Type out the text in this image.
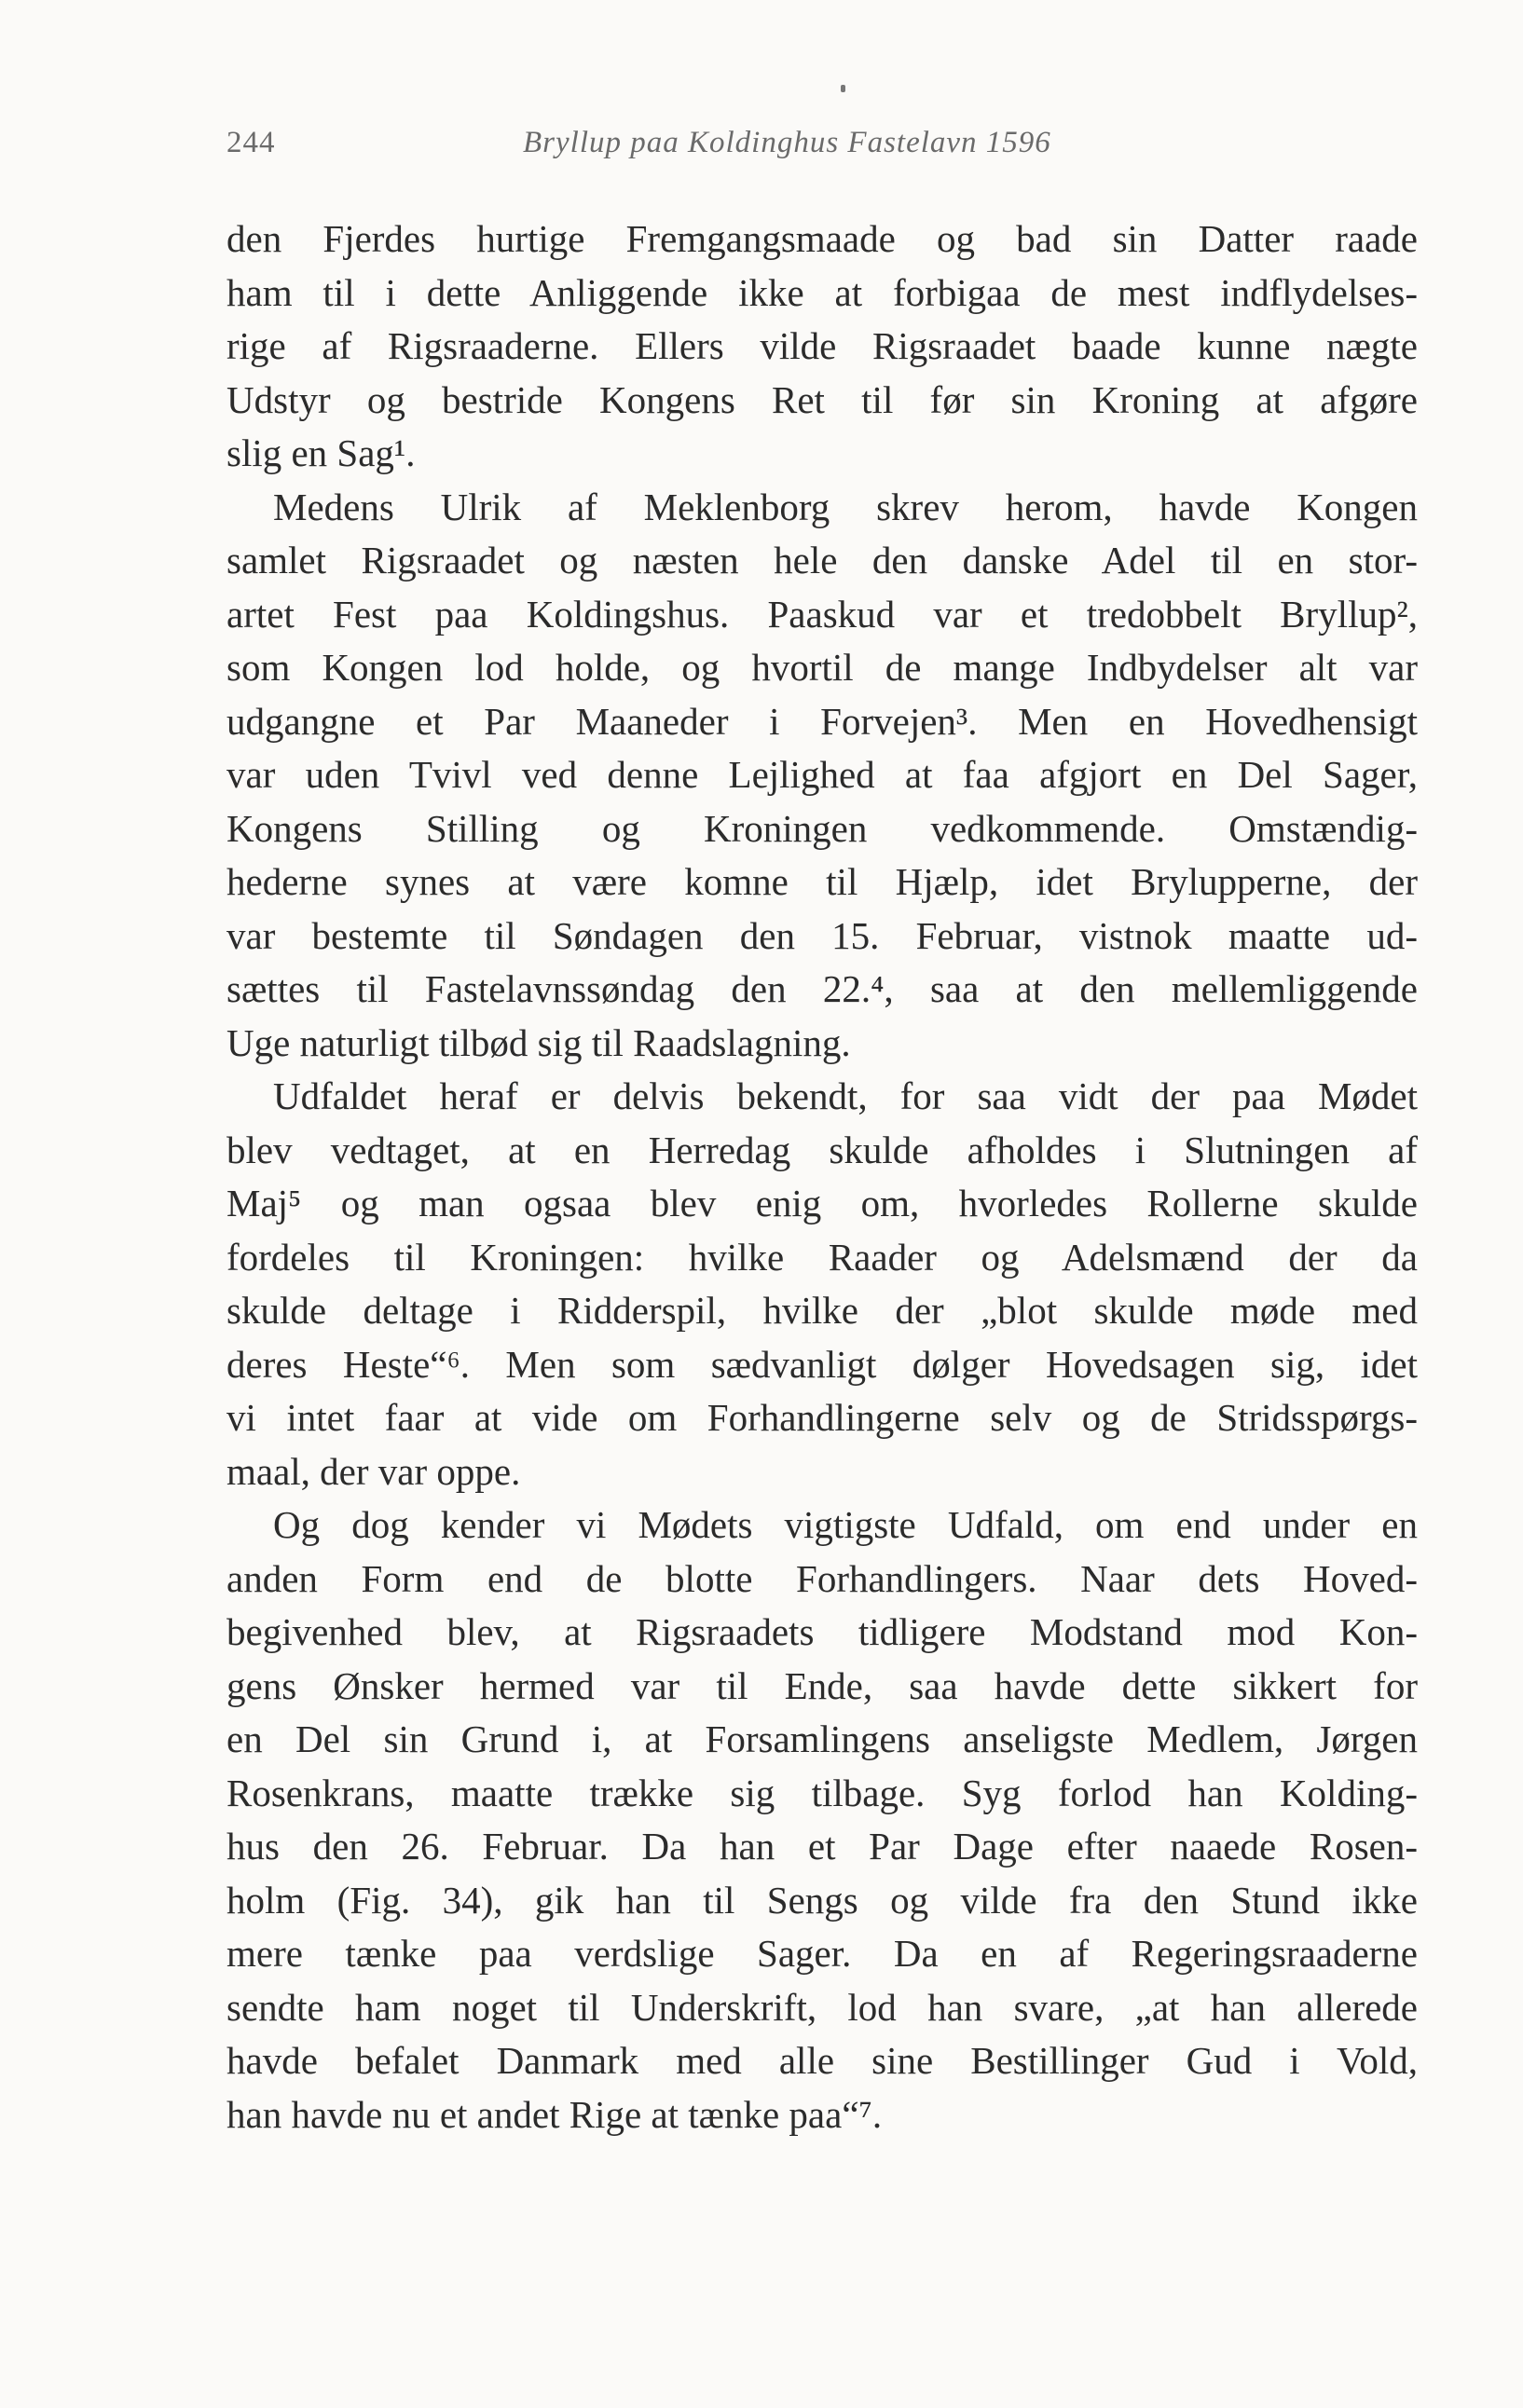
244	Bryllup paa Koldinghus Fastelavn 1596
den Fjerdes hurtige Fremgangsmaade og bad sin Datter raade
ham til i dette Anliggende ikke at forbigaa de mest indflydelses-
rige af Rigsraaderne. Ellers vilde Rigsraadet baade kunne nægte
Udstyr og bestride Kongens Ret til før sin Kroning at afgøre
slig en Sag¹.
Medens Ulrik af Meklenborg skrev herom, havde Kongen
samlet Rigsraadet og næsten hele den danske Adel til en stor-
artet Fest paa Koldingshus. Paaskud var et tredobbelt Bryllup²,
som Kongen lod holde, og hvortil de mange Indbydelser alt var
udgangne et Par Maaneder i Forvejen³. Men en Hovedhensigt
var uden Tvivl ved denne Lejlighed at faa afgjort en Del Sager,
Kongens Stilling og Kroningen vedkommende. Omstændig-
hederne synes at være komne til Hjælp, idet Brylupperne, der
var bestemte til Søndagen den 15. Februar, vistnok maatte ud-
sættes til Fastelavnssøndag den 22.⁴, saa at den mellemliggende
Uge naturligt tilbød sig til Raadslagning.
Udfaldet heraf er delvis bekendt, for saa vidt der paa Mødet
blev vedtaget, at en Herredag skulde afholdes i Slutningen af
Maj⁵ og man ogsaa blev enig om, hvorledes Rollerne skulde
fordeles til Kroningen: hvilke Raader og Adelsmænd der da
skulde deltage i Ridderspil, hvilke der „blot skulde møde med
deres Heste“⁶. Men som sædvanligt dølger Hovedsagen sig, idet
vi intet faar at vide om Forhandlingerne selv og de Stridsspørgs-
maal, der var oppe.
Og dog kender vi Mødets vigtigste Udfald, om end under en
anden Form end de blotte Forhandlingers. Naar dets Hoved-
begivenhed blev, at Rigsraadets tidligere Modstand mod Kon-
gens Ønsker hermed var til Ende, saa havde dette sikkert for
en Del sin Grund i, at Forsamlingens anseligste Medlem, Jørgen
Rosenkrans, maatte trække sig tilbage. Syg forlod han Kolding-
hus den 26. Februar. Da han et Par Dage efter naaede Rosen-
holm (Fig. 34), gik han til Sengs og vilde fra den Stund ikke
mere tænke paa verdslige Sager. Da en af Regeringsraaderne
sendte ham noget til Underskrift, lod han svare, „at han allerede
havde befalet Danmark med alle sine Bestillinger Gud i Vold,
han havde nu et andet Rige at tænke paa“⁷.
